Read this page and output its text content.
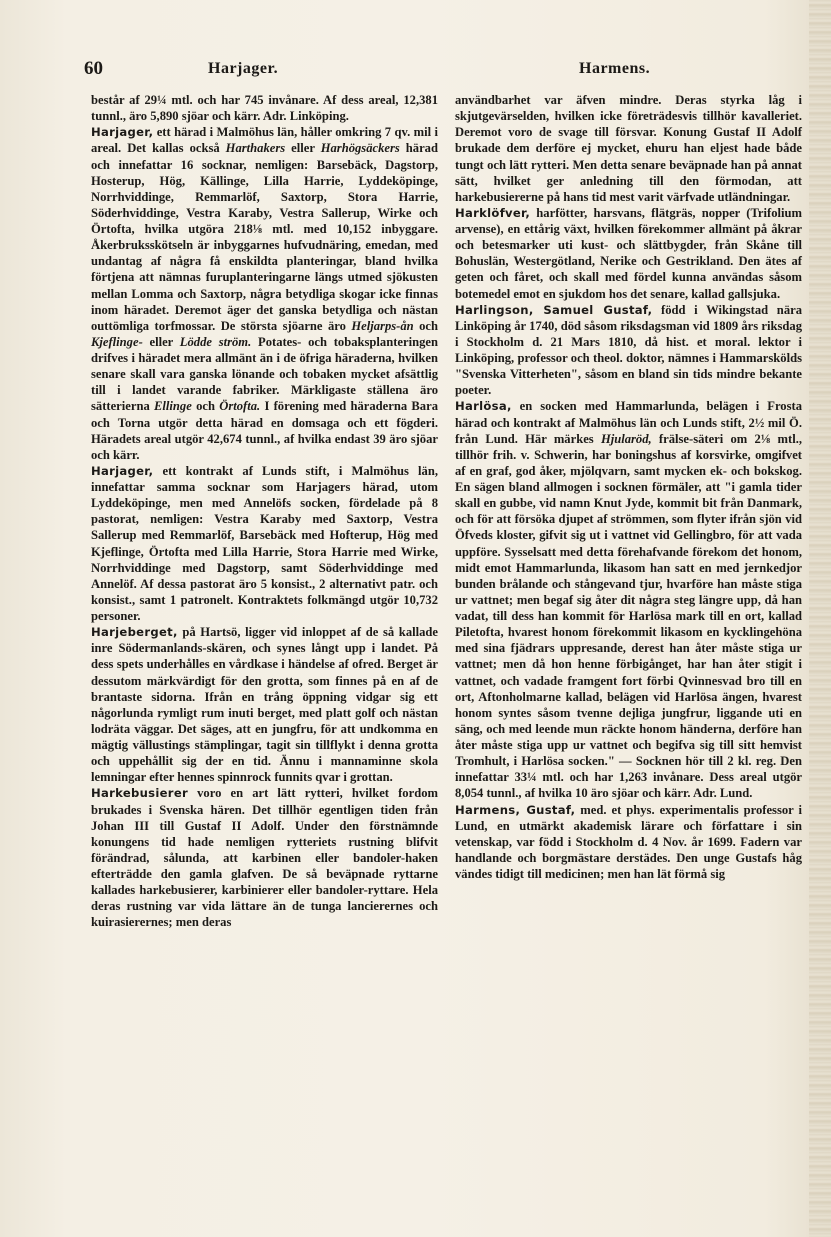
60	Harjager.	Harmens.

består af 29¼ mtl. och har 745 invånare. Af dess areal, 12,381 tunnl., äro 5,890 sjöar och kärr. Adr. Linköping.

Harjager, ett härad i Malmöhus län, håller omkring 7 qv. mil i areal. Det kallas också Harthakers eller Harhögsäckers härad och innefattar 16 socknar, nemligen: Barsebäck, Dagstorp, Hosterup, Hög, Källinge, Lilla Harrie, Lyddeköpinge, Norrhviddinge, Remmarlöf, Saxtorp, Stora Harrie, Söderhviddinge, Vestra Karaby, Vestra Sallerup, Wirke och Örtofta, hvilka utgöra 218⅛ mtl. med 10,152 inbyggare. Åkerbruksskötseln är inbyggarnes hufvudnäring, emedan, med undantag af några få enskildta planteringar, bland hvilka förtjena att nämnas furuplanteringarne längs utmed sjökusten mellan Lomma och Saxtorp, några betydliga skogar icke finnas inom häradet. Deremot äger det ganska betydliga och nästan outtömliga torfmossar. De största sjöarne äro Heljarps-ån och Kjeflinge- eller Lödde ström. Potates- och tobaksplanteringen drifves i häradet mera allmänt än i de öfriga häraderna, hvilken senare skall vara ganska lönande och tobaken mycket afsättlig till i landet varande fabriker. Märkligaste ställena äro sätterierna Ellinge och Örtofta. I förening med häraderna Bara och Torna utgör detta härad en domsaga och ett fögderi. Häradets areal utgör 42,674 tunnl., af hvilka endast 39 äro sjöar och kärr.

Harjager, ett kontrakt af Lunds stift, i Malmöhus län, innefattar samma socknar som Harjagers härad, utom Lyddeköpinge, men med Annelöfs socken, fördelade på 8 pastorat, nemligen: Vestra Karaby med Saxtorp, Vestra Sallerup med Remmarlöf, Barsebäck med Hofterup, Hög med Kjeflinge, Örtofta med Lilla Harrie, Stora Harrie med Wirke, Norrhviddinge med Dagstorp, samt Söderhviddinge med Annelöf. Af dessa pastorat äro 5 konsist., 2 alternativt patr. och konsist., samt 1 patronelt. Kontraktets folkmängd utgör 10,732 personer.

Harjeberget, på Hartsö, ligger vid inloppet af de så kallade inre Södermanlands-skären, och synes långt upp i landet. På dess spets underhålles en vårdkase i händelse af ofred. Berget är dessutom märkvärdigt för den grotta, som finnes på en af de brantaste sidorna. Ifrån en trång öppning vidgar sig ett någorlunda rymligt rum inuti berget, med platt golf och nästan lodräta väggar. Det säges, att en jungfru, för att undkomma en mägtig vällustings stämplingar, tagit sin tillflykt i denna grotta och uppehållit sig der en tid. Ännu i mannaminne skola lemningar efter hennes spinnrock funnits qvar i grottan.

Harkebusierer voro en art lätt rytteri, hvilket fordom brukades i Svenska hären. Det tillhör egentligen tiden från Johan III till Gustaf II Adolf. Under den förstnämnde konungens tid hade nemligen rytteriets rustning blifvit förändrad, sålunda, att karbinen eller bandoler-haken efterträdde den gamla glafven. De så beväpnade ryttarne kallades harkebusierer, karbinierer eller bandoler-ryttare. Hela deras rustning var vida lättare än de tunga lancierernes och kuirasierernes; men deras

användbarhet var äfven mindre. Deras styrka låg i skjutgevärselden, hvilken icke företrädesvis tillhör kavalleriet. Deremot voro de svage till försvar. Konung Gustaf II Adolf brukade dem derföre ej mycket, ehuru han eljest hade både tungt och lätt rytteri. Men detta senare beväpnade han på annat sätt, hvilket ger anledning till den förmodan, att harkebusiererne på hans tid mest varit värfvade utländningar.

Harklöfver, harfötter, harsvans, flätgräs, nopper (Trifolium arvense), en ettårig växt, hvilken förekommer allmänt på åkrar och betesmarker uti kust- och slättbygder, från Skåne till Bohuslän, Westergötland, Nerike och Gestrikland. Den ätes af geten och fåret, och skall med fördel kunna användas såsom botemedel emot en sjukdom hos det senare, kallad gallsjuka.

Harlingson, Samuel Gustaf, född i Wikingstad nära Linköping år 1740, död såsom riksdagsman vid 1809 års riksdag i Stockholm d. 21 Mars 1810, då hist. et moral. lektor i Linköping, professor och theol. doktor, nämnes i Hammarskölds "Svenska Vitterheten", såsom en bland sin tids mindre bekante poeter.

Harlösa, en socken med Hammarlunda, belägen i Frosta härad och kontrakt af Malmöhus län och Lunds stift, 2½ mil Ö. från Lund. Här märkes Hjularöd, frälse-säteri om 2⅛ mtl., tillhör frih. v. Schwerin, har boningshus af korsvirke, omgifvet af en graf, god åker, mjölqvarn, samt mycken ek- och bokskog. En sägen bland allmogen i socknen förmäler, att "i gamla tider skall en gubbe, vid namn Knut Jyde, kommit bit från Danmark, och för att försöka djupet af strömmen, som flyter ifrån sjön vid Öfveds kloster, gifvit sig ut i vattnet vid Gellingbro, för att vada uppföre. Sysselsatt med detta förehafvande förekom det honom, midt emot Hammarlunda, likasom han satt en med jernkedjor bunden brålande och stångevand tjur, hvarföre han måste stiga ur vattnet; men begaf sig åter dit några steg längre upp, då han vadat, till dess han kommit för Harlösa mark till en ort, kallad Piletofta, hvarest honom förekommit likasom en kycklingehöna med sina fjädrars uppresande, derest han åter måste stiga ur vattnet; men då hon henne förbigånget, har han åter stigit i vattnet, och vadade framgent fort förbi Qvinnesvad bro till en ort, Aftonholmarne kallad, belägen vid Harlösa ängen, hvarest honom syntes såsom tvenne dejliga jungfrur, liggande uti en säng, och med leende mun räckte honom händerna, derföre han åter måste stiga upp ur vattnet och begifva sig till sitt hemvist Tromhult, i Harlösa socken." — Socknen hör till 2 kl. reg. Den innefattar 33¼ mtl. och har 1,263 invånare. Dess areal utgör 8,054 tunnl., af hvilka 10 äro sjöar och kärr. Adr. Lund.

Harmens, Gustaf, med. et phys. experimentalis professor i Lund, en utmärkt akademisk lärare och författare i sin vetenskap, var född i Stockholm d. 4 Nov. år 1699. Fadern var handlande och borgmästare derstädes. Den unge Gustafs håg vändes tidigt till medicinen; men han lät förmå sig
